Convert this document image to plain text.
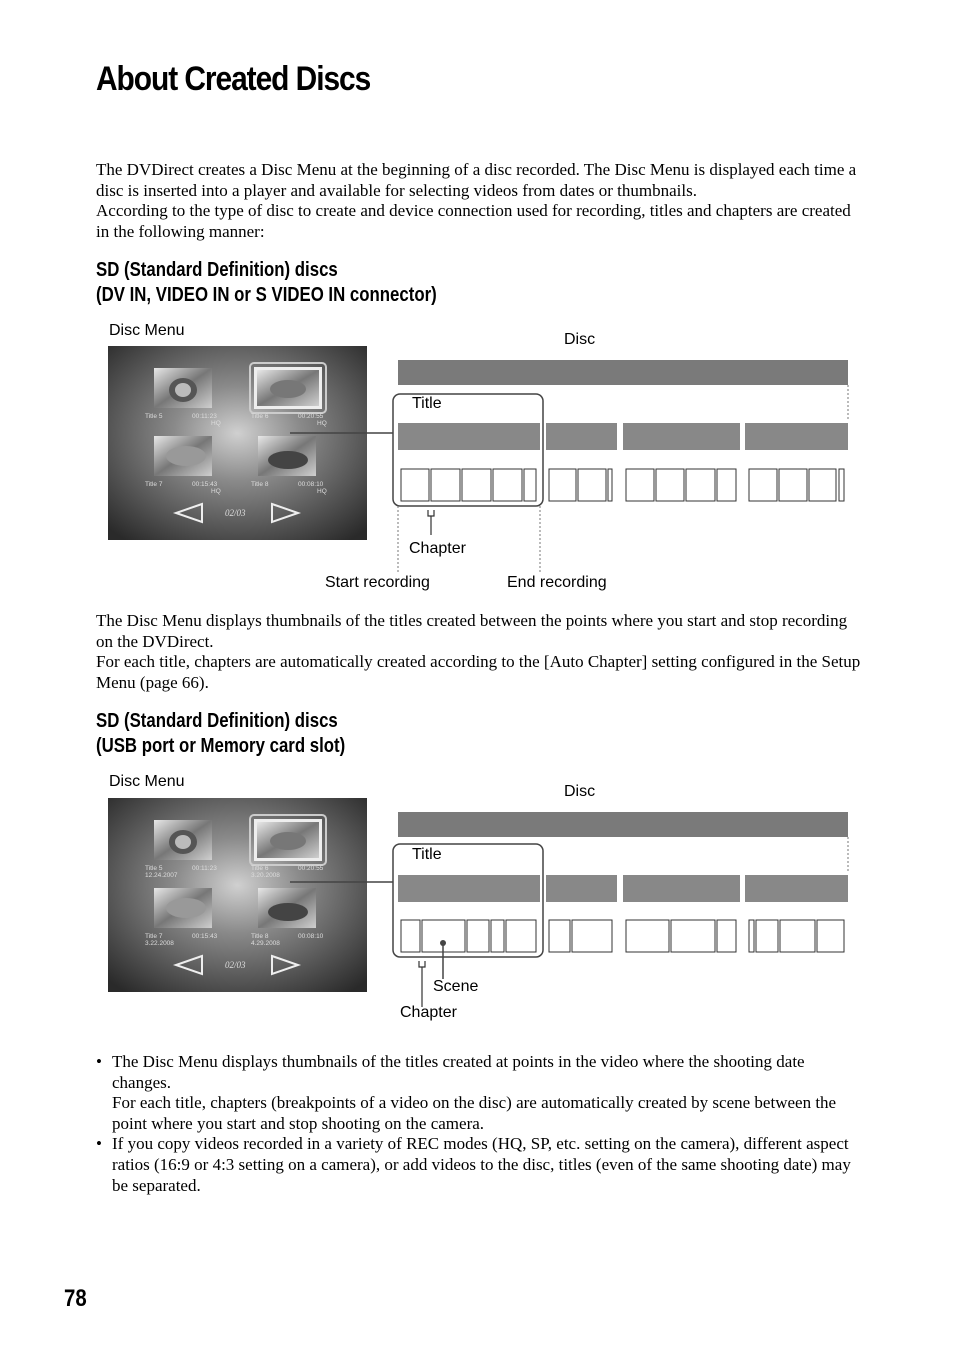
About Created Discs

The DVDirect creates a Disc Menu at the beginning of a disc recorded. The Disc Menu is displayed each time a disc is inserted into a player and available for selecting videos from dates or thumbnails.

According to the type of disc to create and device connection used for recording, titles and chapters are created in the following manner:

SD (Standard Definition) discs
(DV IN, VIDEO IN or S VIDEO IN connector)
Disc Menu
Disc
Title 5	00:11:23
HQ
Title 6	00:20:55
HQ
Title 7	00:15:43
HQ
Title 8	00:08:10
HQ
02/03
Title
Chapter
Start recording	End recording

The Disc Menu displays thumbnails of the titles created between the points where you start and stop recording on the DVDirect.

For each title, chapters are automatically created according to the [Auto Chapter] setting configured in the Setup Menu (page 66).

SD (Standard Definition) discs
(USB port or Memory card slot)
Disc Menu
Disc
Title 5	00:11:23
12.24.2007
Title 6	00:20:55
3.20.2008
Title 7	00:15:43
3.22.2008
Title 8	00:08:10
4.29.2008
02/03
Title
Scene
Chapter
• The Disc Menu displays thumbnails of the titles created at points in the video where the shooting date changes.
For each title, chapters (breakpoints of a video on the disc) are automatically created by scene between the point where you start and stop shooting on the camera.
• If you copy videos recorded in a variety of REC modes (HQ, SP, etc. setting on the camera), different aspect ratios (16:9 or 4:3 setting on a camera), or add videos to the disc, titles (even of the same shooting date) may be separated.
78
